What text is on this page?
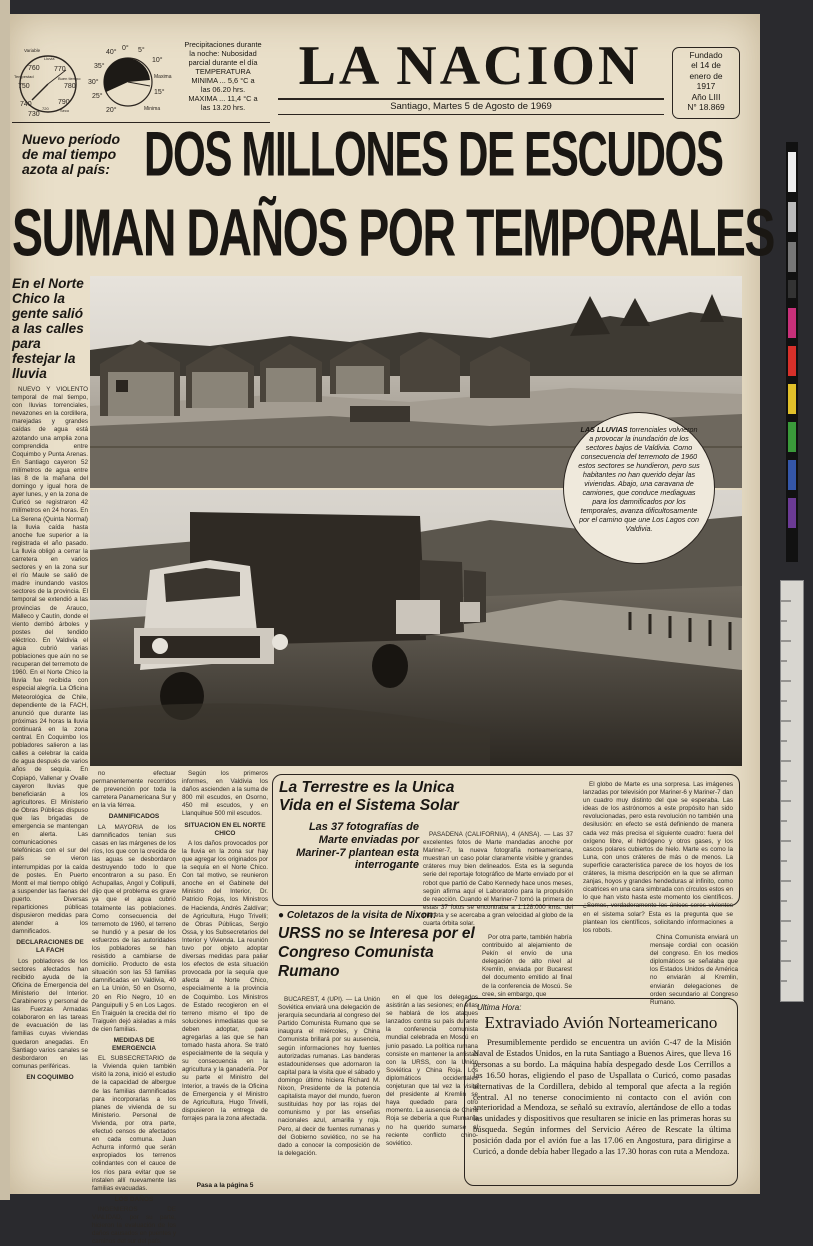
Variable
760 770
750	780
740	790
730
Lluvia
Tempestad	Buen tiempo
Seco
720
0° 5°
40°
10°
35°
Maxima
30°
25°
15°
Minima
20°
Precipitaciones durante
la noche: Nubosidad
parcial durante el día
TEMPERATURA
MINIMA ... 5,6 °C a
las 06.20 hrs.
MAXIMA ... 11,4 °C a
las 13.20 hrs.
LA NACION
Santiago, Martes 5 de Agosto de 1969
Fundado
el 14 de
enero de
1917
Año LIII
N° 18.869
Nuevo período
de mal tiempo
azota al país: DOS MILLONES DE ESCUDOS
SUMAN DAÑOS POR TEMPORALES
En el Norte
Chico la
gente salió
a las calles
para
festejar la
lluvia

NUEVO Y VIOLENTO temporal de mal tiempo, con lluvias torrenciales, nevazones en la cordillera, marejadas y grandes caídas de agua está azotando una amplia zona comprendida entre Coquimbo y Punta Arenas. En Santiago cayeron 52 milímetros de agua entre las 8 de la mañana del domingo y igual hora de ayer lunes, y en la zona de Curicó se registraron 42 milímetros en 24 horas. En La Serena (Quinta Normal) la lluvia caída hasta anoche fue superior a la registrada el año pasado. La lluvia obligó a cerrar la carretera en varios sectores y en la zona sur el río Maule se salió de madre inundando vastos sectores de la provincia. El temporal se extendió a las provincias de Arauco, Malleco y Cautín, donde el viento derribó árboles y postes del tendido eléctrico. En Valdivia el agua cubrió varias poblaciones que aún no se recuperan del terremoto de 1960. En el Norte Chico la lluvia fue recibida con especial alegría. La Oficina Meteorológica de Chile, dependiente de la FACH, anunció que durante las próximas 24 horas la lluvia continuará en la zona central. En Coquimbo los pobladores salieron a las calles a celebrar la caída de agua después de varios años de sequía. En Copiapó, Vallenar y Ovalle cayeron lluvias que beneficiarán a los agricultores. El Ministerio de Obras Públicas dispuso que las brigadas de emergencia se mantengan en alerta. Las comunicaciones telefónicas con el sur del país se vieron interrumpidas por la caída de postes. En Puerto Montt el mal tiempo obligó a suspender las faenas del puerto. Diversas reparticiones públicas dispusieron medidas para atender a los damnificados.

DECLARACIONES DE LA FACH

Los pobladores de los sectores afectados han recibido ayuda de la Oficina de Emergencia del Ministerio del Interior. Carabineros y personal de las Fuerzas Armadas colaboraron en las tareas de evacuación de las familias cuyas viviendas quedaron anegadas. En Santiago varios canales se desbordaron en las comunas periféricas.

EN COQUIMBO
LAS LLUVIAS torrenciales volvieron a provocar la inundación de los sectores bajos de Valdivia. Como consecuencia del terremoto de 1960 estos sectores se hundieron, pero sus habitantes no han querido dejar las viviendas. Abajo, una caravana de camiones, que conduce mediaguas para los damnificados por los temporales, avanza dificultosamente por el camino que une Los Lagos con Valdivia.

no efectuar permanentemente recorridos de prevención por toda la carretera Panamericana Sur y en la vía férrea.

DAMNIFICADOS

LA MAYORIA de los damnificados tenían sus casas en las márgenes de los ríos, los que con la crecida de las aguas se desbordaron destruyendo todo lo que encontraron a su paso. En Achupallas, Angol y Collipulli, dijo que el problema es grave ya que el agua cubrió totalmente las poblaciones. Como consecuencia del terremoto de 1960, el terreno se hundió y a pesar de los esfuerzos de las autoridades los pobladores se han resistido a cambiarse de domicilio. Producto de esta situación son las 53 familias damnificadas en Valdivia, 40 en La Unión, 50 en Osorno, 20 en Río Negro, 10 en Panguipulli y 5 en Los Lagos. En Traiguén la crecida del río Traiguén dejó aisladas a más de cien familias.

MEDIDAS DE EMERGENCIA

EL SUBSECRETARIO de la Vivienda quien también visitó la zona, inició el estudio de la capacidad de albergue de las familias damnificadas para incorporarlas a los planes de vivienda de su Ministerio. Personal de Vivienda, por otra parte, efectuó censos de afectados en cada comuna. Juan Achurra informó que serán expropiados los terrenos colindantes con el cauce de los ríos para evitar que se instalen allí nuevamente las familias evacuadas.

LOS DAÑOS

INGENIEROS DE VIALIDAD, por su parte, hicieron la evaluación de los daños causados en puentes y caminos del sur del país.

Según los primeros informes, en Valdivia los daños ascienden a la suma de 800 mil escudos, en Osorno, 450 mil escudos, y en Llanquihue 500 mil escudos.

SITUACION EN EL NORTE CHICO

A los daños provocados por la lluvia en la zona sur hay que agregar los originados por la sequía en el Norte Chico. Con tal motivo, se reunieron anoche en el Gabinete del Ministro del Interior, Dr. Patricio Rojas, los Ministros de Hacienda, Andrés Zaldívar; de Agricultura, Hugo Trivelli; de Obras Públicas, Sergio Ossa, y los Subsecretarios del Interior y Vivienda. La reunión tuvo por objeto adoptar diversas medidas para paliar los efectos de esta situación provocada por la sequía que afecta al Norte Chico, especialmente a la provincia de Coquimbo. Los Ministros de Estado recogieron en el terreno mismo el tipo de soluciones inmediatas que se deben adoptar, para agregarlas a las que se han tomado hasta ahora. Se trató especialmente de la sequía y su consecuencia en la agricultura y la ganadería. Por su parte el Ministro del Interior, a través de la Oficina de Emergencia y el Ministro de Agricultura, Hugo Trivelli, dispusieron la entrega de forrajes para la zona afectada.

Pasa a la página 5
La Terrestre es la Unica Vida en el Sistema Solar
Las 37 fotografías de Marte enviadas por Mariner-7 plantean esta interrogante

PASADENA (CALIFORNIA), 4 (ANSA). — Las 37 excelentes fotos de Marte mandadas anoche por Mariner-7, la nueva fotografía norteamericana, muestran un caso polar claramente visible y grandes cráteres muy bien delineados. Esta es la segunda serie del reportaje fotográfico de Marte enviado por el robot que partió de Cabo Kennedy hace unos meses, según afirma aquí el Laboratorio para la propulsión de reacción. Cuando el Mariner-7 tomó la primera de estas 37 fotos se encontraba a 1.128.000 kms. del planeta y se acercaba a gran velocidad al globo de la cuarta órbita solar.

El globo de Marte es una sorpresa. Las imágenes lanzadas por televisión por Mariner-6 y Mariner-7 dan un cuadro muy distinto del que se esperaba. Las ideas de los astrónomos a este propósito han sido revolucionadas, pero esta revolución no también una desilusión: en efecto se está definiendo de manera cada vez más precisa el siguiente cuadro: fuera del oxígeno libre, el hidrógeno y otros gases, y los cascos polares cubiertos de hielo. Marte es como la Luna, con unos cráteres de más o de menos. La superficie característica parece de los hoyos de los cráteres, la misma descripción en la que se afirman zanjas, hoyos y grandes hendeduras al infinito, como cicatrices en una cara simbrada con círculos estos en lo que han visto hasta este momento los científicos. ¿Somos, verdaderamente los únicos seres vivientes en el sistema solar? Esta es la pregunta que se plantean los científicos, solicitando informaciones a los robots.

● Coletazos de la visita de Nixon:
URSS no se Interesa por el Congreso Comunista Rumano

BUCAREST, 4 (UPI). — La Unión Soviética enviará una delegación de jerarquía secundaria al congreso del Partido Comunista Rumano que se inaugura el miércoles, y China Comunista brillará por su ausencia, según informaciones hoy fuentes autorizadas rumanas. Las banderas estadounidenses que adornaron la capital para la visita que el sábado y domingo último hiciera Richard M. Nixon, Presidente de la potencia capitalista mayor del mundo, fueron sustituidas hoy por las rojas del comunismo y por las enseñas nacionales azul, amarilla y roja. Pero, al decir de fuentes rumanas y del Gobierno soviético, no se ha dado a conocer la composición de la delegación.

en el que los delegados asistirán a las sesiones; en ellas se hablará de los ataques lanzados contra su país durante la conferencia comunista mundial celebrada en Moscú en junio pasado. La política rumana consiste en mantener la amistad con la URSS, con la Unión Soviética y China Roja. Los diplomáticos occidentales conjeturan que tal vez la visita del presidente al Kremlin se haya quedado para otro momento. La ausencia de China Roja se debería a que Rumania no ha querido sumarse al reciente conflicto chino-soviético.

Por otra parte, también habría contribuido al alejamiento de Pekín el envío de una delegación de alto nivel al Kremlin, enviada por Bucarest del documento emitido al final de la conferencia de Moscú. Se cree, sin embargo, que

China Comunista enviará un mensaje cordial con ocasión del congreso. En los medios diplomáticos se señalaba que los Estados Unidos de América no enviarán al Kremlin, enviarán delegaciones de orden secundario al Congreso Rumano.

Ultima Hora:
Extraviado Avión Norteamericano
Presumiblemente perdido se encuentra un avión C-47 de la Misión Naval de Estados Unidos, en la ruta Santiago a Buenos Aires, que lleva 16 personas a su bordo. La máquina había despegado desde Los Cerrillos a las 16.50 horas, eligiendo el paso de Uspallata o Curicó, como pasadas alternativas de la Cordillera, debido al temporal que afecta a la región central. Al no tenerse conocimiento ni contacto con el avión con anterioridad a Mendoza, se señaló su extravío, alertándose de ello a todas las unidades y dispositivos que resultaren se inicie en las primeras horas su búsqueda. Según informes del Servicio Aéreo de Rescate la última posición dada por el avión fue a las 17.06 en Angostura, para dirigirse a Curicó, a donde debía haber llegado a las 17.30 horas con ruta a Mendoza.
